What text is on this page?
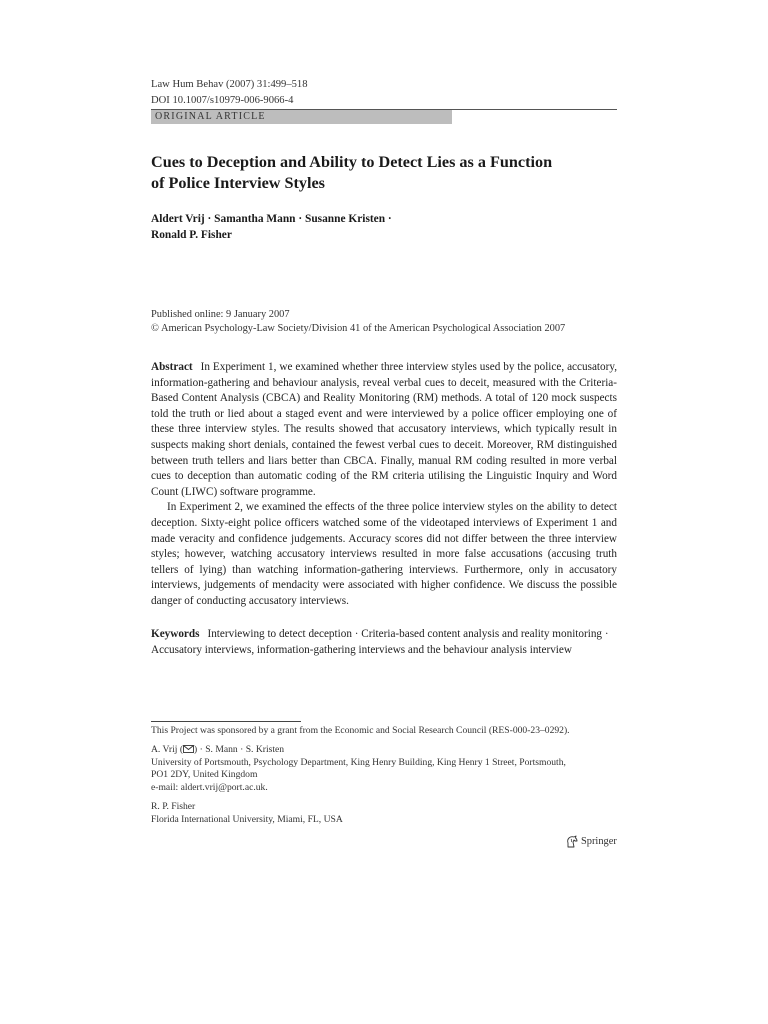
Law Hum Behav (2007) 31:499–518
DOI 10.1007/s10979-006-9066-4
ORIGINAL ARTICLE
Cues to Deception and Ability to Detect Lies as a Function
of Police Interview Styles
Aldert Vrij · Samantha Mann · Susanne Kristen ·
Ronald P. Fisher
Published online: 9 January 2007
© American Psychology-Law Society/Division 41 of the American Psychological Association 2007

Abstract In Experiment 1, we examined whether three interview styles used by the police, accusatory, information-gathering and behaviour analysis, reveal verbal cues to deceit, measured with the Criteria-Based Content Analysis (CBCA) and Reality Monitoring (RM) methods. A total of 120 mock suspects told the truth or lied about a staged event and were interviewed by a police officer employing one of these three interview styles. The results showed that accusatory interviews, which typically result in suspects making short denials, contained the fewest verbal cues to deceit. Moreover, RM distinguished between truth tellers and liars better than CBCA. Finally, manual RM coding resulted in more verbal cues to deception than automatic coding of the RM criteria utilising the Linguistic Inquiry and Word Count (LIWC) software programme.

In Experiment 2, we examined the effects of the three police interview styles on the ability to detect deception. Sixty-eight police officers watched some of the videotaped interviews of Experiment 1 and made veracity and confidence judgements. Accuracy scores did not differ between the three interview styles; however, watching accusatory interviews resulted in more false accusations (accusing truth tellers of lying) than watching information-gathering interviews. Furthermore, only in accusatory interviews, judgements of mendacity were associated with higher confidence. We discuss the possible danger of conducting accusatory interviews.

Keywords Interviewing to detect deception · Criteria-based content analysis and reality monitoring · Accusatory interviews, information-gathering interviews and the behaviour analysis interview
This Project was sponsored by a grant from the Economic and Social Research Council (RES-000-23–0292).
A. Vrij ( ) · S. Mann · S. Kristen
University of Portsmouth, Psychology Department, King Henry Building, King Henry 1 Street, Portsmouth,
PO1 2DY, United Kingdom
e-mail: aldert.vrij@port.ac.uk.
R. P. Fisher
Florida International University, Miami, FL, USA
Springer
